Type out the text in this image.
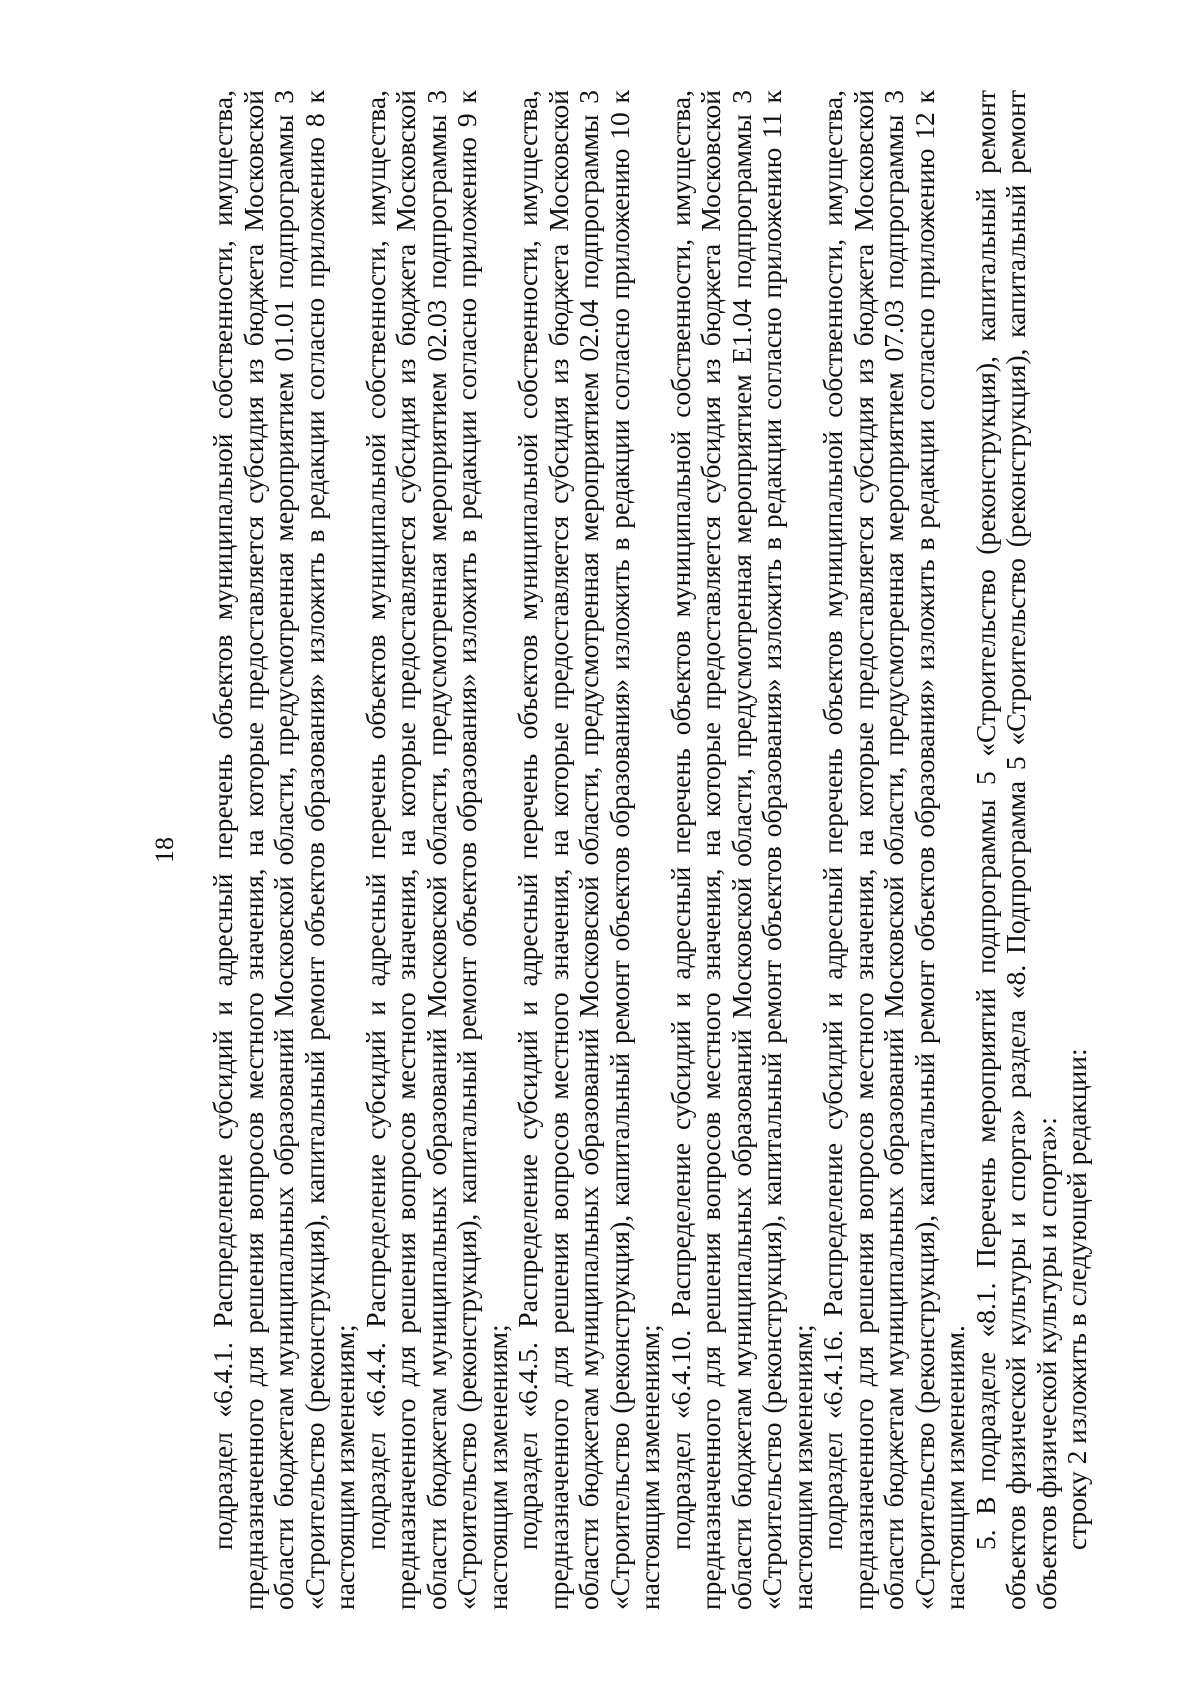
18 подраздел «6.4.1. Распределение субсидий и адресный перечень объектов муниципальной собственности, имущества, предназначенного для решения вопросов местного значения, на которые предоставляется субсидия из бюджета Московской области бюджетам муниципальных образований Московской области, предусмотренная мероприятием 01.01 подпрограммы 3 «Строительство (реконструкция), капитальный ремонт объектов образования» изложить в редакции согласно приложению 8 к настоящим изменениям; подраздел «6.4.4. Распределение субсидий и адресный перечень объектов муниципальной собственности, имущества, предназначенного для решения вопросов местного значения, на которые предоставляется субсидия из бюджета Московской области бюджетам муниципальных образований Московской области, предусмотренная мероприятием 02.03 подпрограммы 3 «Строительство (реконструкция), капитальный ремонт объектов образования» изложить в редакции согласно приложению 9 к настоящим изменениям; подраздел «6.4.5. Распределение субсидий и адресный перечень объектов муниципальной собственности, имущества, предназначенного для решения вопросов местного значения, на которые предоставляется субсидия из бюджета Московской области бюджетам муниципальных образований Московской области, предусмотренная мероприятием 02.04 подпрограммы 3 «Строительство (реконструкция), капитальный ремонт объектов образования» изложить в редакции согласно приложению 10 к настоящим изменениям; подраздел «6.4.10. Распределение субсидий и адресный перечень объектов муниципальной собственности, имущества, предназначенного для решения вопросов местного значения, на которые предоставляется субсидия из бюджета Московской области бюджетам муниципальных образований Московской области, предусмотренная мероприятием Е1.04 подпрограммы 3 «Строительство (реконструкция), капитальный ремонт объектов образования» изложить в редакции согласно приложению 11 к настоящим изменениям; подраздел «6.4.16. Распределение субсидий и адресный перечень объектов муниципальной собственности, имущества, предназначенного для решения вопросов местного значения, на которые предоставляется субсидия из бюджета Московской области бюджетам муниципальных образований Московской области, предусмотренная мероприятием 07.03 подпрограммы 3 «Строительство (реконструкция), капитальный ремонт объектов образования» изложить в редакции согласно приложению 12 к настоящим изменениям. 5. В подразделе «8.1. Перечень мероприятий подпрограммы 5 «Строительство (реконструкция), капитальный ремонт объектов физической культуры и спорта» раздела «8. Подпрограмма 5 «Строительство (реконструкция), капитальный ремонт объектов физической культуры и спорта»: строку 2 изложить в следующей редакции:
